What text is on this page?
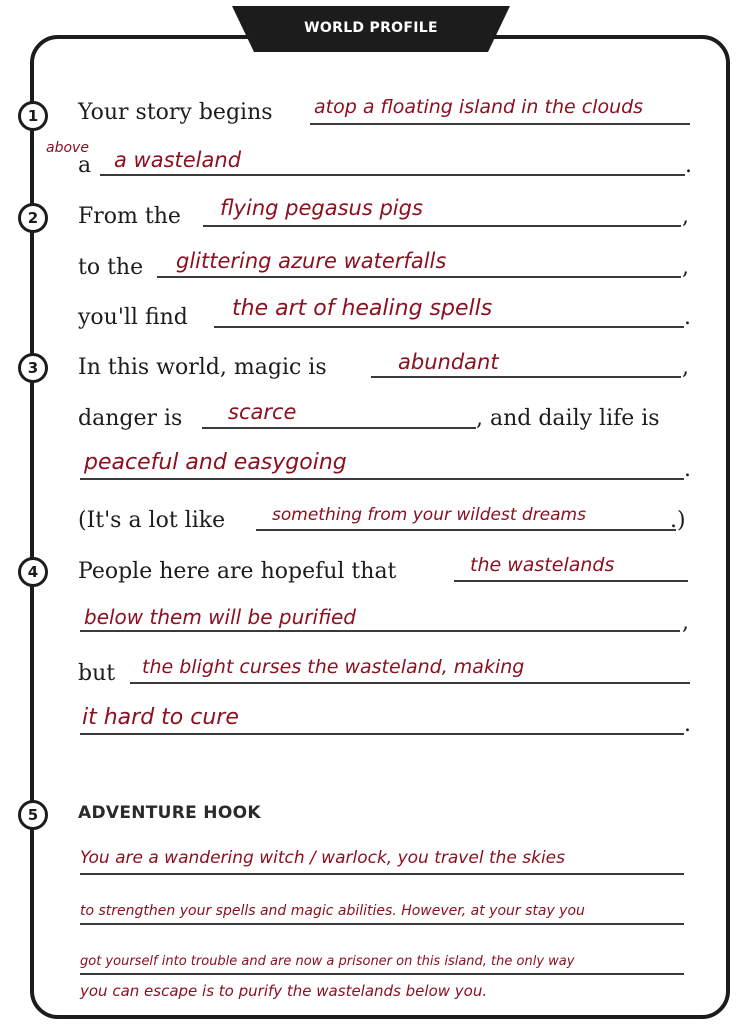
WORLD PROFILE
1
2
3
4
5
Your story begins atop a floating island in the clouds
above
a a wasteland	.
From the flying pegasus pigs	,
to the glittering azure waterfalls	,
you'll find the art of healing spells	.
In this world, magic is	abundant	,
danger is scarce	, and daily life is
peaceful and easygoing	.
(It's a lot like	something from your wildest dreams	.)
People here are hopeful that	the wastelands
below them will be purified	,
but the blight curses the wasteland, making
it hard to cure	.
ADVENTURE HOOK
You are a wandering witch / warlock, you travel the skies
to strengthen your spells and magic abilities. However, at your stay you
got yourself into trouble and are now a prisoner on this island, the only way
you can escape is to purify the wastelands below you.
